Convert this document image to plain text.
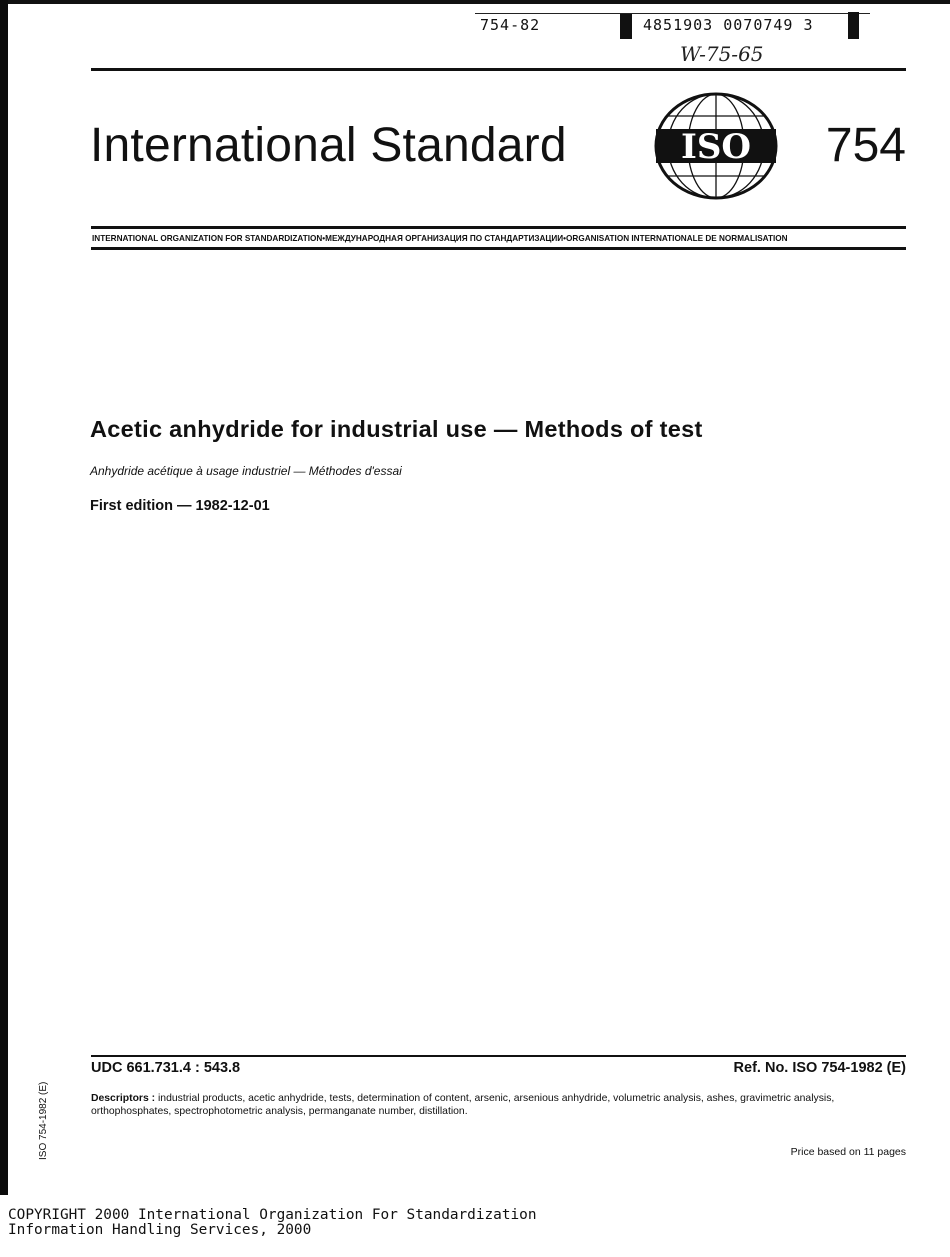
754-82	4851903 0070749 3
W-75-65
International Standard	ISO 754
INTERNATIONAL ORGANIZATION FOR STANDARDIZATION•МЕЖДУНАРОДНАЯ ОРГАНИЗАЦИЯ ПО СТАНДАРТИЗАЦИИ•ORGANISATION INTERNATIONALE DE NORMALISATION
Acetic anhydride for industrial use — Methods of test
Anhydride acétique à usage industriel — Méthodes d'essai
First edition — 1982-12-01
UDC 661.731.4 : 543.8	Ref. No. ISO 754-1982 (E)
Descriptors : industrial products, acetic anhydride, tests, determination of content, arsenic, arsenious anhydride, volumetric analysis, ashes, gravimetric analysis, orthophosphates, spectrophotometric analysis, permanganate number, distillation.
Price based on 11 pages
ISO 754-1982 (E)
COPYRIGHT 2000 International Organization For Standardization
Information Handling Services, 2000
